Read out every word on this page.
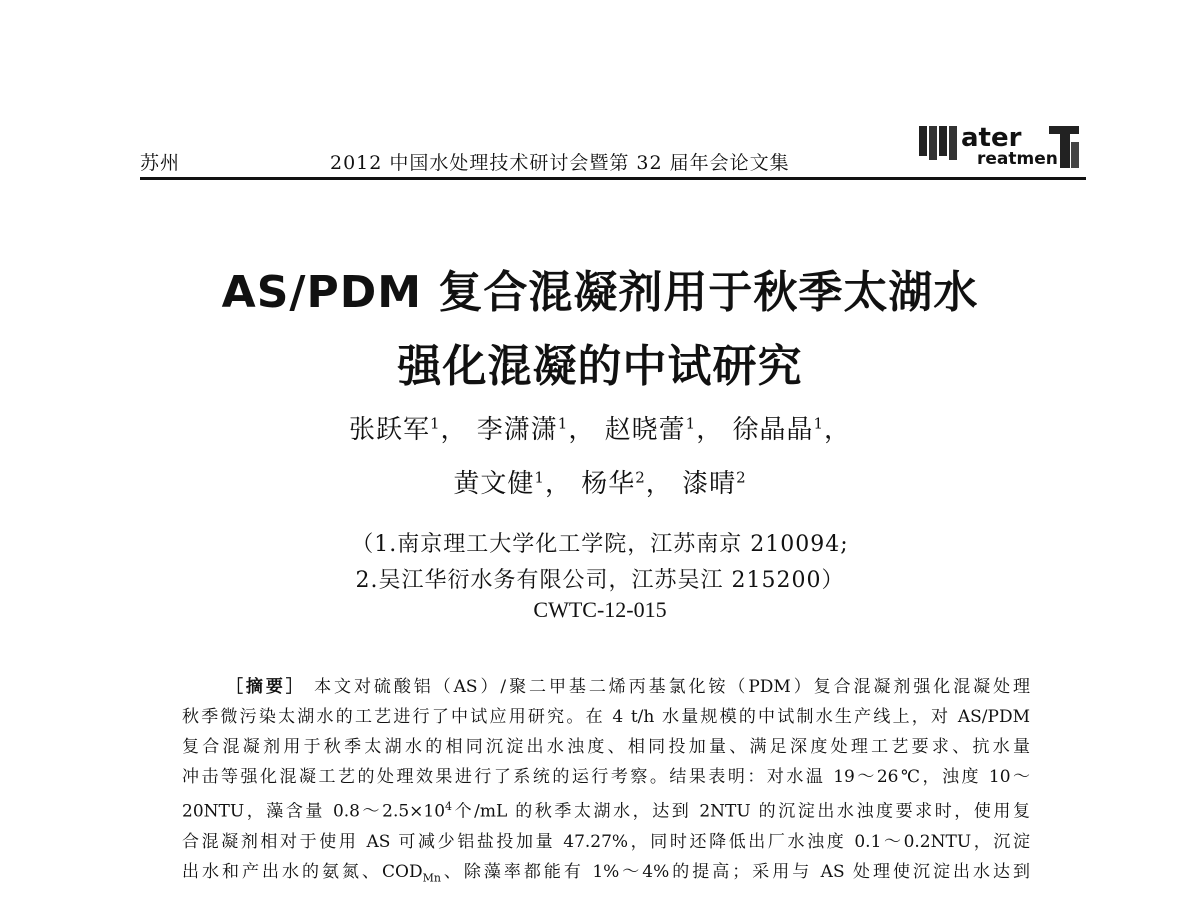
苏州	2012 中国水处理技术研讨会暨第 32 届年会论文集
ater
reatmen
AS/PDM 复合混凝剂用于秋季太湖水
强化混凝的中试研究
张跃军$^1$， 李潇潇$^1$， 赵晓蕾$^1$， 徐晶晶$^1$，
黄文健$^1$， 杨华$^2$， 漆晴$^2$
（1.南京理工大学化工学院，江苏南京 210094;
2.吴江华衍水务有限公司，江苏吴江 215200）
CWTC-12-015
［摘要］ 本文对硫酸铝（AS）/聚二甲基二烯丙基氯化铵（PDM）复合混凝剂强化混凝处理
秋季微污染太湖水的工艺进行了中试应用研究。在 4 t/h 水量规模的中试制水生产线上，对 AS/PDM
复合混凝剂用于秋季太湖水的相同沉淀出水浊度、相同投加量、满足深度处理工艺要求、抗水量
冲击等强化混凝工艺的处理效果进行了系统的运行考察。结果表明：对水温 19～26℃，浊度 10～
20NTU，藻含量 $0.8\sim 2.5\times 10^4$个/mL 的秋季太湖水，达到 2NTU 的沉淀出水浊度要求时，使用复
合混凝剂相对于使用 AS 可减少铝盐投加量 47.27%，同时还降低出厂水浊度 0.1～0.2NTU，沉淀
出水和产出水的氨氮、$COD_{Mn}$、除藻率都能有 1%～4%的提高；采用与 AS 处理使沉淀出水达到
